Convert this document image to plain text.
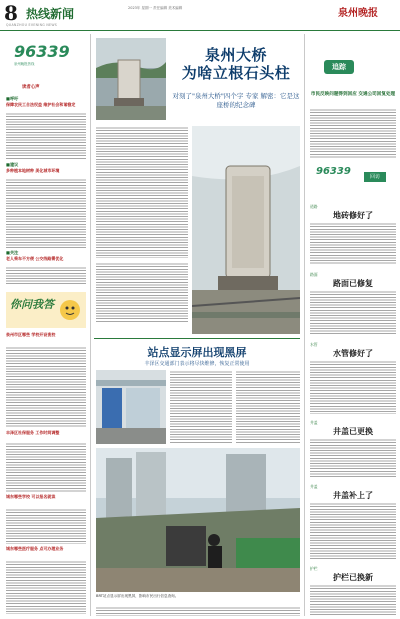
8 热线新闻
QUANZHOU EVENING NEWS
2023年 星期一 责任编辑 美术编辑	泉州晚报
96339
泉州晚报热线
读者心声
■呼吁
保障农民工合法权益 维护社会和谐稳定
■建议
多种植本地树种 美化城市环境
■关注
老人乘车不方便 公交线路需优化
你问我答
泉州市区哪些 学校开设夜校
丰泽区社保服务 工作时间调整
城东哪些学校 可以报名就读
城东哪些医疗服务 点可办理业务
泉州大桥
为啥立根石头柱
对刻了"泉州大桥"四个字 专家 解密：它是这座桥的纪念碑
站点显示屏出现黑屏
丰泽区交通部门表示将尽快维修，恢复正常使用
BRT站点显示屏出现黑屏，影响市民出行信息查询。
追踪
市民反映问题得到回应 交通公司回复处理
96339	回访
道路
地砖修好了
路面
路面已修复
水管
水管修好了
井盖
井盖已更换
井盖
井盖补上了
护栏
护栏已换新
